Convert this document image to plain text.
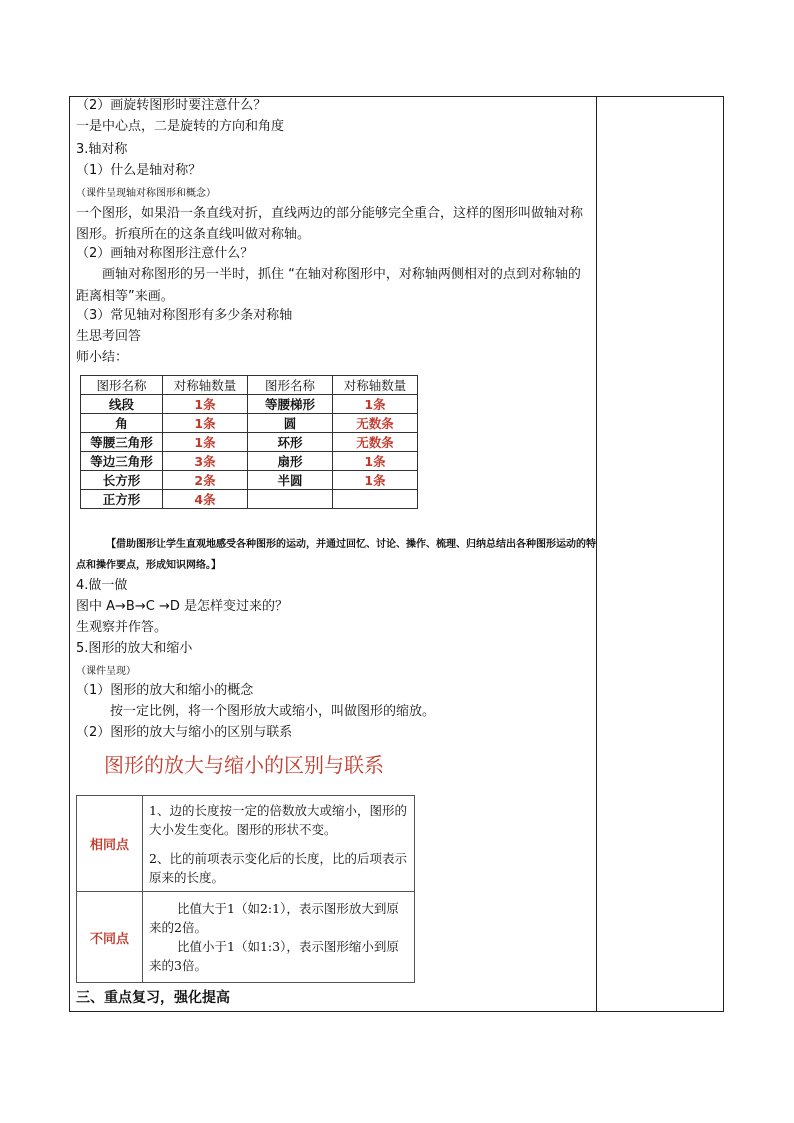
（2）画旋转图形时要注意什么？
一是中心点，二是旋转的方向和角度
3.轴对称
（1）什么是轴对称？
（课件呈现轴对称图形和概念）
一个图形，如果沿一条直线对折，直线两边的部分能够完全重合，这样的图形叫做轴对称图形。折痕所在的这条直线叫做对称轴。
（2）画轴对称图形注意什么？
画轴对称图形的另一半时，抓住 “在轴对称图形中，对称轴两侧相对的点到对称轴的距离相等”来画。
（3）常见轴对称图形有多少条对称轴
生思考回答
师小结：
图形名称	对称轴数量	图形名称	对称轴数量
线段	1条	等腰梯形	1条
角	1条	圆	无数条
等腰三角形	1条	环形	无数条
等边三角形	3条	扇形	1条
长方形	2条	半圆	1条
正方形	4条		
【借助图形让学生直观地感受各种图形的运动，并通过回忆、讨论、操作、梳理、归纳总结出各种图形运动的特点和操作要点，形成知识网络。】
4.做一做
图中 A→B→C →D 是怎样变过来的？
生观察并作答。
5.图形的放大和缩小
（课件呈现）
（1）图形的放大和缩小的概念
按一定比例，将一个图形放大或缩小，叫做图形的缩放。
（2）图形的放大与缩小的区别与联系
图形的放大与缩小的区别与联系
相同点	1、边的长度按一定的倍数放大或缩小，图形的大小发生变化。图形的形状不变。

2、比的前项表示变化后的长度，比的后项表示原来的长度。

不同点	比值大于1（如2:1），表示图形放大到原来的2倍。

比值小于1（如1:3），表示图形缩小到原来的3倍。

三、重点复习，强化提高
